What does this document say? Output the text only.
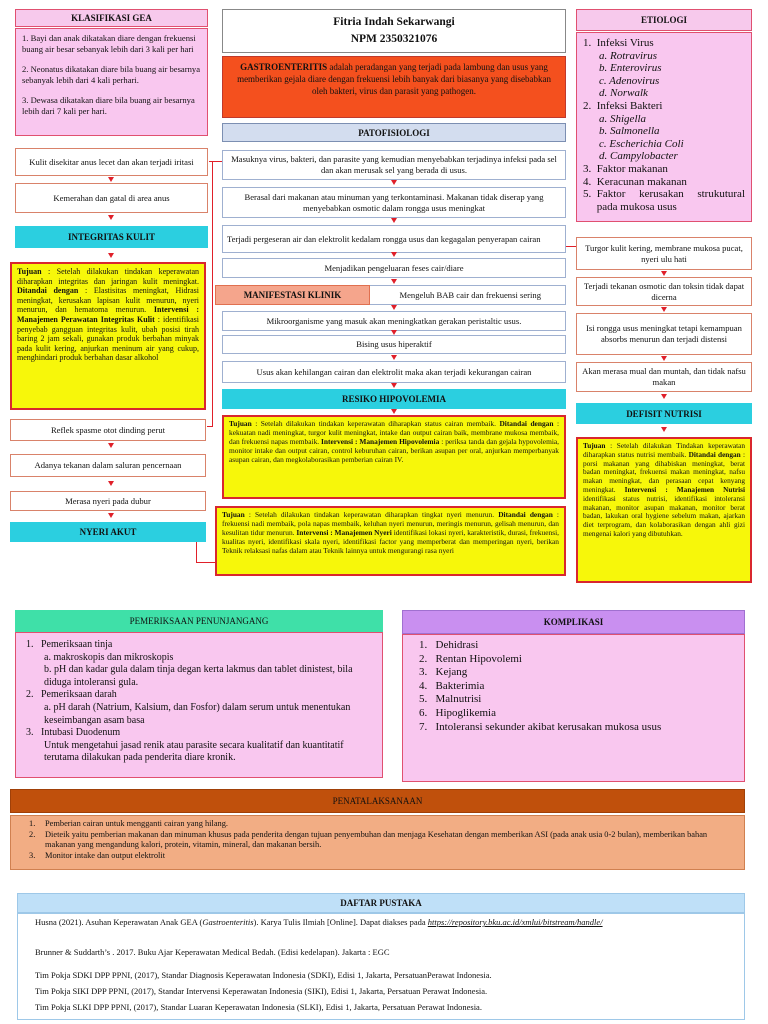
KLASIFIKASI GEA

1. Bayi dan anak dikatakan diare dengan frekuensi buang air besar sebanyak lebih dari 3 kali per hari

2. Neonatus dikatakan diare bila buang air besarnya sebanyak lebih dari 4 kali perhari.

3. Dewasa dikatakan diare bila buang air besarnya lebih dari 7 kali per hari.

Fitria Indah Sekarwangi
NPM 2350321076
GASTROENTERITIS adalah peradangan yang terjadi pada lambung dan usus yang memberikan gejala diare dengan frekuensi lebih banyak dari biasanya yang disebabkan oleh bakteri, virus dan parasit yang pathogen.
ETIOLOGI
1.  Infeksi Virus
a. Rotravirus
b. Enterovirus
c. Adenovirus
d. Norwalk
2.  Infeksi Bakteri
a. Shigella
b. Salmonella
c. Escherichia Coli
d. Campylobacter
3.  Faktor makanan
4.  Keracunan makanan
5. Faktor kerusakan strukutural pada mukosa usus
PATOFISIOLOGI
Masuknya virus, bakteri, dan parasite yang kemudian menyebabkan terjadinya infeksi pada sel dan akan merusak sel yang berada di usus.
Berasal dari makanan atau minuman yang terkontaminasi. Makanan tidak diserap yang menyebabkan osmotic dalam rongga usus meningkat
Terjadi pergeseran air dan elektrolit kedalam rongga usus dan kegagalan penyerapan cairan
Menjadikan pengeluaran feses cair/diare
Mengeluh BAB cair dan frekuensi sering
MANIFESTASI KLINIK
Mikroorganisme yang masuk akan meningkatkan gerakan peristaltic usus.
Bising usus hiperaktif
Usus akan kehilangan cairan dan elektrolit maka akan terjadi kekurangan cairan
RESIKO HIPOVOLEMIA
Tujuan : Setelah dilakukan tindakan keperawatan diharapkan status cairan membaik. Ditandai dengan : kekuatan nadi meningkat, turgor kulit meningkat, intake dan output cairan baik, membrane mukosa membaik, dan frekuensi napas membaik. Intervensi : Manajemen Hipovolemia : periksa tanda dan gejala hypovolemia, monitor intake dan output cairan, control keburuhan cairan, berikan asupan per oral, anjurkan memperbanyak asupan cairan, dan megkolaborasikan pemberian cairan IV.
Tujuan : Setelah dilakukan tindakan keperawatan diharapkan tingkat nyeri menurun. Ditandai dengan : frekuensi nadi membaik, pola napas membaik, keluhan nyeri menurun, meringis menurun, gelisah menurun, dan kesulitan tidur menurun. Intervensi : Manajemen Nyeri identifikasi lokasi nyeri, karakteristik, durasi, frekuensi, kualitas nyeri, identifikasi skala nyeri, identifikasi factor yang memperberat dan memperingan nyeri, berikan Teknik relaksasi nafas dalam atau Teknik lainnya untuk mengurangi rasa nyeri
Kulit disekitar anus lecet dan akan terjadi iritasi
Kemerahan dan gatal di area anus
INTEGRITAS KULIT
Tujuan : Setelah dilakukan tindakan keperawatan diharapkan integritas dan jaringan kulit meningkat. Ditandai dengan : Elastisitas meningkat, Hidrasi meningkat, kerusakan lapisan kulit menurun, nyeri menurun, dan hematoma menurun. Intervensi : Manajemen Perawatan Integritas Kulit : identifikasi penyebab gangguan integritas kulit, ubah posisi tirah baring 2 jam sekali, gunakan produk berbahan minyak pada kulit kering, anjurkan meninum air yang cukup, menghindari produk berbahan dasar alkohol
Reflek spasme otot dinding perut
Adanya tekanan dalam saluran pencernaan
Merasa nyeri pada dubur
NYERI AKUT
Turgor kulit kering, membrane mukosa pucat, nyeri ulu hati
Terjadi tekanan osmotic dan toksin tidak dapat dicerna
Isi rongga usus meningkat tetapi kemampuan absorbs menurun dan terjadi distensi
Akan merasa mual dan muntah, dan tidak nafsu makan
DEFISIT NUTRISI
Tujuan : Setelah dilakukan Tindakan keperawatan diharapkan status nutrisi membaik. Ditandai dengan : porsi makanan yang dihabiskan meningkat, berat badan meningkat, frekuensi makan meningkat, nafsu makan meningkat, dan perasaan cepat kenyang meningkat. Intervensi : Manajemen Nutrisi identifikasi status nutrisi, identifikasi intoleransi makanan, monitor asupan makanan, monitor berat badan, lakukan oral hygiene sebelum makan, ajarkan diet terprogram, dan kolaborasikan dengan ahli gizi mengenai kalori yang dibutuhkan.
PEMERIKSAAN PENUNJANGANG
1.   Pemeriksaan tinja
a. makroskopis dan mikroskopis
b. pH dan kadar gula dalam tinja degan kerta lakmus dan tablet dinistest, bila diduga intoleransi gula.
2.   Pemeriksaan darah
a. pH darah (Natrium, Kalsium, dan Fosfor) dalam serum untuk menentukan keseimbangan asam basa
3.   Intubasi Duodenum
Untuk mengetahui jasad renik atau parasite secara kualitatif dan kuantitatif terutama dilakukan pada penderita diare kronik.
KOMPLIKASI
1.   Dehidrasi
2.   Rentan Hipovolemi
3.   Kejang
4.   Bakterimia
5.   Malnutrisi
6.   Hipoglikemia
7.   Intoleransi sekunder akibat kerusakan mukosa usus
PENATALAKSANAAN
1.	Pemberian cairan untuk mengganti cairan yang hilang.
2.	Dieteik yaitu pemberian makanan dan minuman khusus pada penderita dengan tujuan penyembuhan dan menjaga Kesehatan dengan memberikan ASI (pada anak usia 0-2 bulan), memberikan bahan makanan yang mengandung kalori, protein, vitamin, mineral, dan makanan bersih.
3.	Monitor intake dan output elektrolit
DAFTAR PUSTAKA
Husna (2021). Asuhan Keperawatan Anak GEA (Gastroenteritis). Karya Tulis Ilmiah [Online]. Dapat diakses pada https://repository.bku.ac.id/xmlui/bitstream/handle/
Brunner & Suddarth’s . 2017. Buku Ajar Keperawatan Medical Bedah. (Edisi kedelapan). Jakarta : EGC
Tim Pokja SDKI DPP PPNI, (2017), Standar Diagnosis Keperawatan Indonesia (SDKI), Edisi 1, Jakarta, PersatuanPerawat Indonesia.
Tim Pokja SIKI DPP PPNI, (2017), Standar Intervensi Keperawatan Indonesia (SIKI), Edisi 1, Jakarta, Persatuan Perawat Indonesia.
Tim Pokja SLKI DPP PPNI, (2017), Standar Luaran Keperawatan Indonesia (SLKI), Edisi 1, Jakarta, Persatuan Perawat Indonesia.
